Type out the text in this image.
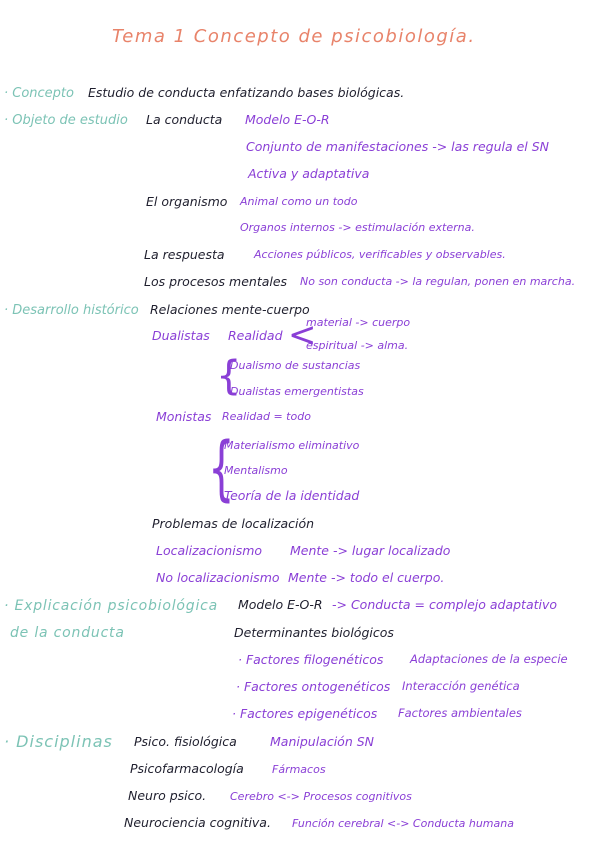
Tema 1 Concepto de psicobiología.
· Concepto Estudio de conducta enfatizando bases biológicas.
· Objeto de estudio La conducta Modelo E-O-R
Conjunto de manifestaciones -> las regula el SN
Activa y adaptativa
El organismo Animal como un todo
Organos internos -> estimulación externa.
La respuesta	Acciones públicos, verificables y observables.
Los procesos mentales No son conducta -> la regulan, ponen en marcha.
· Desarrollo histórico Relaciones mente-cuerpo
Dualistas Realidad <
material -> cuerpo
espiritual -> alma.
{
Dualismo de sustancias
Dualistas emergentistas
Monistas Realidad = todo
{
Materialismo eliminativo
Mentalismo
Teoría de la identidad
Problemas de localización
Localizacionismo Mente -> lugar localizado
No localizacionismo Mente -> todo el cuerpo.
· Explicación psicobiológica
de la conducta
Modelo E-O-R -> Conducta = complejo adaptativo
Determinantes biológicos
· Factores filogenéticos Adaptaciones de la especie
· Factores ontogenéticos Interacción genética
· Factores epigenéticos Factores ambientales
· Disciplinas Psico. fisiológica	Manipulación SN
Psicofarmacología	Fármacos
Neuro psico. Cerebro <-> Procesos cognitivos
Neurociencia cognitiva. Función cerebral <-> Conducta humana
